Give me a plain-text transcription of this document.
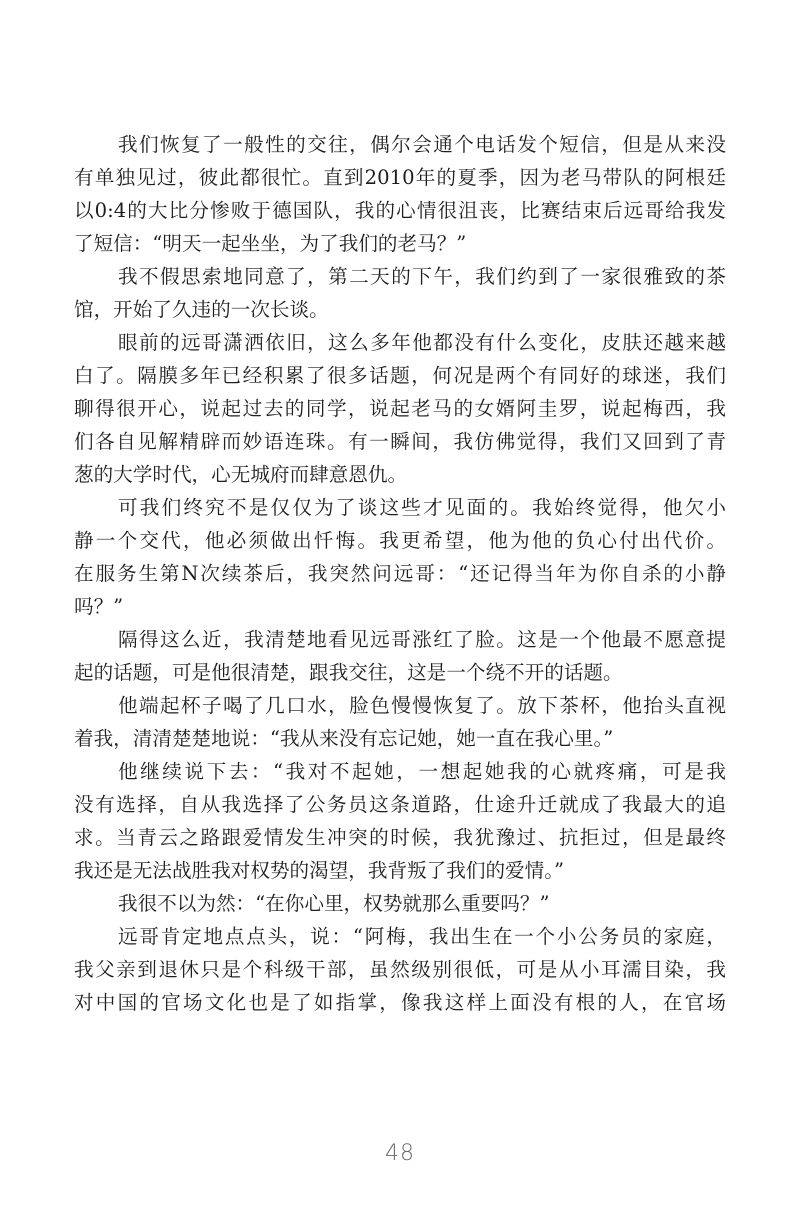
我们恢复了一般性的交往，偶尔会通个电话发个短信，但是从来没
有单独见过，彼此都很忙。直到2010年的夏季，因为老马带队的阿根廷
以0:4的大比分惨败于德国队，我的心情很沮丧，比赛结束后远哥给我发
了短信：“明天一起坐坐，为了我们的老马？”
我不假思索地同意了，第二天的下午，我们约到了一家很雅致的茶
馆，开始了久违的一次长谈。
眼前的远哥潇洒依旧，这么多年他都没有什么变化，皮肤还越来越
白了。隔膜多年已经积累了很多话题，何况是两个有同好的球迷，我们
聊得很开心，说起过去的同学，说起老马的女婿阿圭罗，说起梅西，我
们各自见解精辟而妙语连珠。有一瞬间，我仿佛觉得，我们又回到了青
葱的大学时代，心无城府而肆意恩仇。
可我们终究不是仅仅为了谈这些才见面的。我始终觉得，他欠小
静一个交代，他必须做出忏悔。我更希望，他为他的负心付出代价。
在服务生第N次续茶后，我突然问远哥：“还记得当年为你自杀的小静
吗？”
隔得这么近，我清楚地看见远哥涨红了脸。这是一个他最不愿意提
起的话题，可是他很清楚，跟我交往，这是一个绕不开的话题。
他端起杯子喝了几口水，脸色慢慢恢复了。放下茶杯，他抬头直视
着我，清清楚楚地说：“我从来没有忘记她，她一直在我心里。”
他继续说下去：“我对不起她，一想起她我的心就疼痛，可是我
没有选择，自从我选择了公务员这条道路，仕途升迁就成了我最大的追
求。当青云之路跟爱情发生冲突的时候，我犹豫过、抗拒过，但是最终
我还是无法战胜我对权势的渴望，我背叛了我们的爱情。”
我很不以为然：“在你心里，权势就那么重要吗？”
远哥肯定地点点头，说：“阿梅，我出生在一个小公务员的家庭，
我父亲到退休只是个科级干部，虽然级别很低，可是从小耳濡目染，我
对中国的官场文化也是了如指掌，像我这样上面没有根的人，在官场
48
